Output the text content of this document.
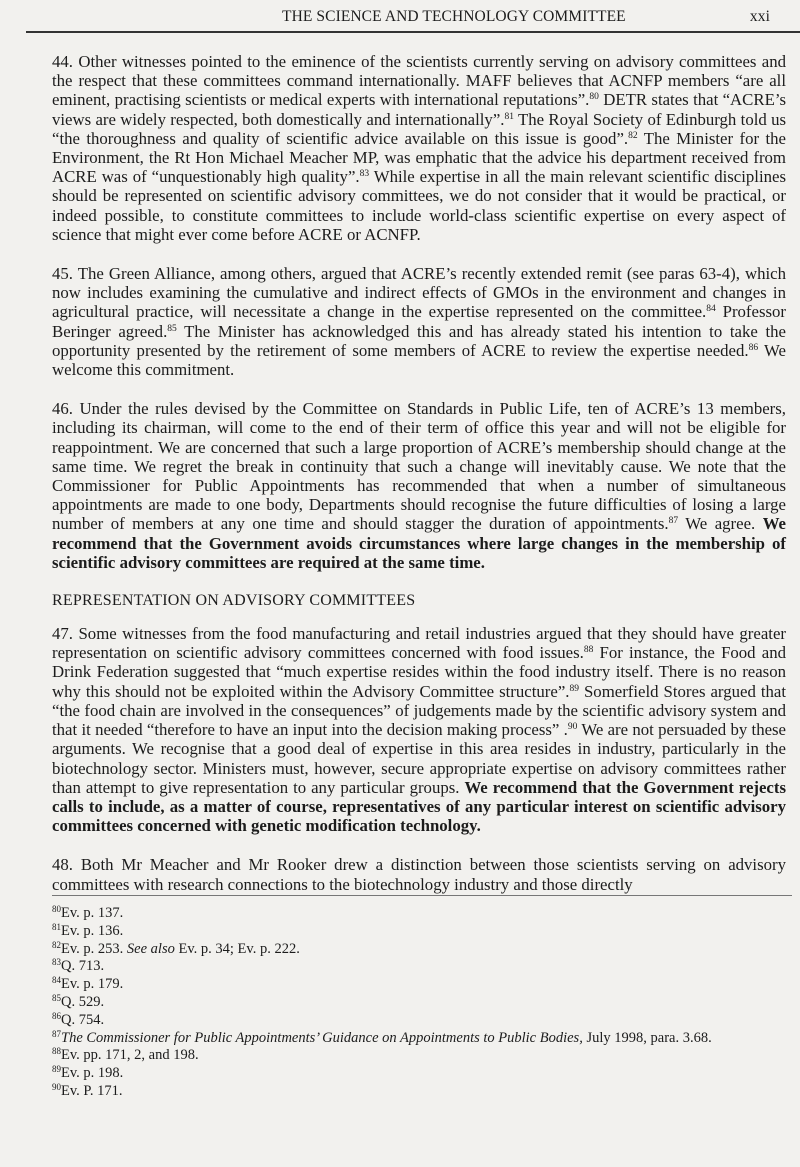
THE SCIENCE AND TECHNOLOGY COMMITTEE	xxi

44. Other witnesses pointed to the eminence of the scientists currently serving on advisory committees and the respect that these committees command internationally. MAFF believes that ACNFP members “are all eminent, practising scientists or medical experts with international reputations”.$^{80}$ DETR states that “ACRE’s views are widely respected, both domestically and internationally”.$^{81}$ The Royal Society of Edinburgh told us “the thoroughness and quality of scientific advice available on this issue is good”.$^{82}$ The Minister for the Environment, the Rt Hon Michael Meacher MP, was emphatic that the advice his department received from ACRE was of “unquestionably high quality”.$^{83}$ While expertise in all the main relevant scientific disciplines should be represented on scientific advisory committees, we do not consider that it would be practical, or indeed possible, to constitute committees to include world-class scientific expertise on every aspect of science that might ever come before ACRE or ACNFP.

45. The Green Alliance, among others, argued that ACRE’s recently extended remit (see paras 63-4), which now includes examining the cumulative and indirect effects of GMOs in the environment and changes in agricultural practice, will necessitate a change in the expertise represented on the committee.$^{84}$ Professor Beringer agreed.$^{85}$ The Minister has acknowledged this and has already stated his intention to take the opportunity presented by the retirement of some members of ACRE to review the expertise needed.$^{86}$ We welcome this commitment.

46. Under the rules devised by the Committee on Standards in Public Life, ten of ACRE’s 13 members, including its chairman, will come to the end of their term of office this year and will not be eligible for reappointment. We are concerned that such a large proportion of ACRE’s membership should change at the same time. We regret the break in continuity that such a change will inevitably cause. We note that the Commissioner for Public Appointments has recommended that when a number of simultaneous appointments are made to one body, Departments should recognise the future difficulties of losing a large number of members at any one time and should stagger the duration of appointments.$^{87}$ We agree. We recommend that the Government avoids circumstances where large changes in the membership of scientific advisory committees are required at the same time.

REPRESENTATION ON ADVISORY COMMITTEES

47. Some witnesses from the food manufacturing and retail industries argued that they should have greater representation on scientific advisory committees concerned with food issues.$^{88}$ For instance, the Food and Drink Federation suggested that “much expertise resides within the food industry itself. There is no reason why this should not be exploited within the Advisory Committee structure”.$^{89}$ Somerfield Stores argued that “the food chain are involved in the consequences” of judgements made by the scientific advisory system and that it needed “therefore to have an input into the decision making process” .$^{90}$ We are not persuaded by these arguments. We recognise that a good deal of expertise in this area resides in industry, particularly in the biotechnology sector. Ministers must, however, secure appropriate expertise on advisory committees rather than attempt to give representation to any particular groups. We recommend that the Government rejects calls to include, as a matter of course, representatives of any particular interest on scientific advisory committees concerned with genetic modification technology.

48. Both Mr Meacher and Mr Rooker drew a distinction between those scientists serving on advisory committees with research connections to the biotechnology industry and those directly

$^{80}$Ev. p. 137.
$^{81}$Ev. p. 136.
$^{82}$Ev. p. 253. See also Ev. p. 34; Ev. p. 222.
$^{83}$Q. 713.
$^{84}$Ev. p. 179.
$^{85}$Q. 529.
$^{86}$Q. 754.
$^{87}$The Commissioner for Public Appointments’ Guidance on Appointments to Public Bodies, July 1998, para. 3.68.
$^{88}$Ev. pp. 171, 2, and 198.
$^{89}$Ev. p. 198.
$^{90}$Ev. P. 171.
